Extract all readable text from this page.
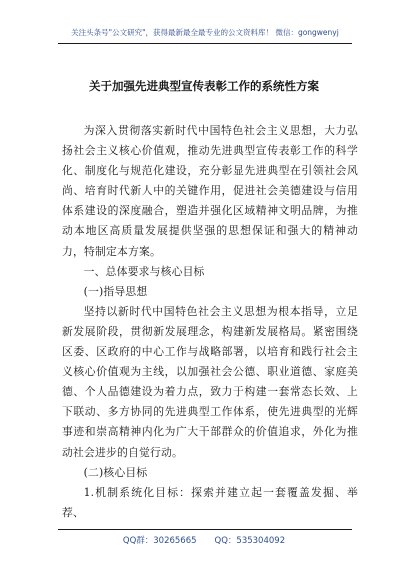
关注头条号"公文研究"，获得最新最全最专业的公文资料库！ 微信：gongwenyj
关于加强先进典型宣传表彰工作的系统性方案

为深入贯彻落实新时代中国特色社会主义思想，大力弘扬社会主义核心价值观，推动先进典型宣传表彰工作的科学化、制度化与规范化建设，充分彰显先进典型在引领社会风尚、培育时代新人中的关键作用，促进社会美德建设与信用体系建设的深度融合，塑造并强化区域精神文明品牌，为推动本地区高质量发展提供坚强的思想保证和强大的精神动力，特制定本方案。

一、总体要求与核心目标

(一)指导思想

坚持以新时代中国特色社会主义思想为根本指导，立足新发展阶段，贯彻新发展理念，构建新发展格局。紧密围绕区委、区政府的中心工作与战略部署，以培育和践行社会主义核心价值观为主线，以加强社会公德、职业道德、家庭美德、个人品德建设为着力点，致力于构建一套常态长效、上下联动、多方协同的先进典型工作体系，使先进典型的光辉事迹和崇高精神内化为广大干部群众的价值追求，外化为推动社会进步的自觉行动。

(二)核心目标

1.机制系统化目标：探索并建立起一套覆盖发掘、举荐、

QQ群：30265665 QQ：535304092
